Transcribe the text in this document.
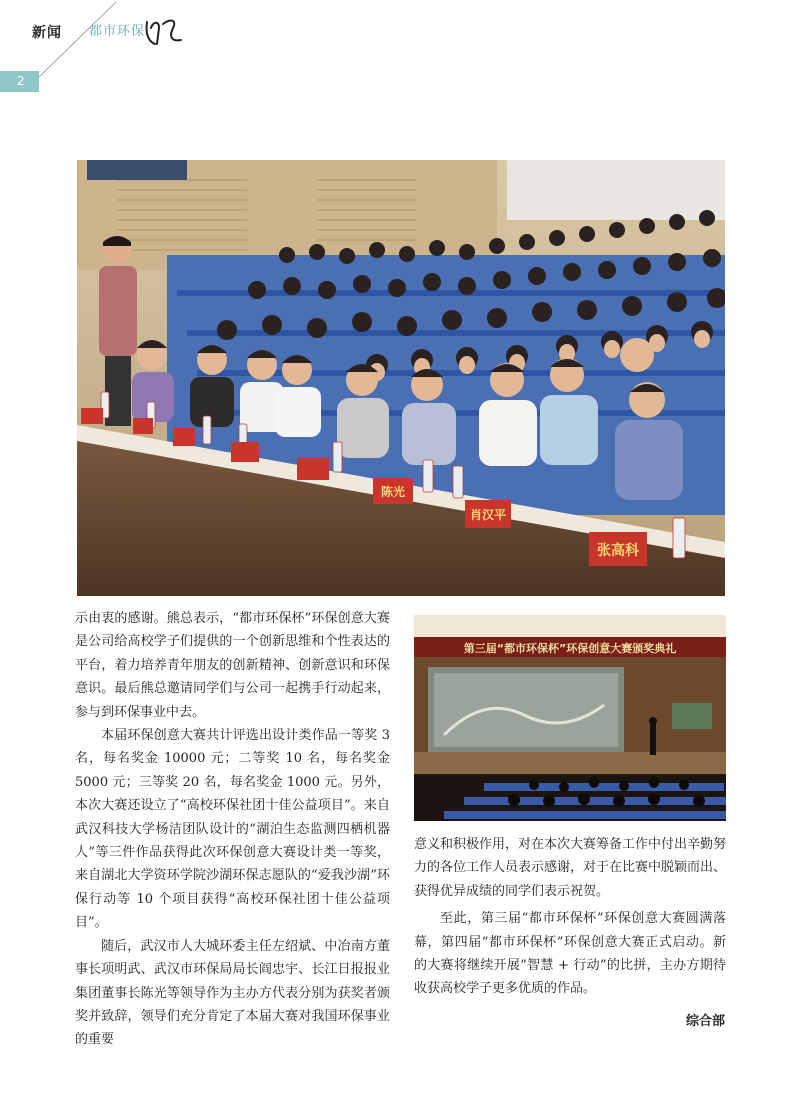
新闻 都市环保
2
陈光
肖汉平
张高科
第三届“都市环保杯”环保创意大赛颁奖典礼

示由衷的感谢。熊总表示，“都市环保杯”环保创意大赛是公司给高校学子们提供的一个创新思维和个性表达的平台，着力培养青年朋友的创新精神、创新意识和环保意识。最后熊总邀请同学们与公司一起携手行动起来，参与到环保事业中去。

本届环保创意大赛共计评选出设计类作品一等奖 3 名，每名奖金 10000 元；二等奖 10 名，每名奖金 5000 元；三等奖 20 名，每名奖金 1000 元。另外，本次大赛还设立了“高校环保社团十佳公益项目”。来自武汉科技大学杨洁团队设计的“湖泊生态监测四栖机器人”等三件作品获得此次环保创意大赛设计类一等奖，来自湖北大学资环学院沙湖环保志愿队的“爱我沙湖”环保行动等 10 个项目获得“高校环保社团十佳公益项目”。

随后，武汉市人大城环委主任左绍斌、中冶南方董事长项明武、武汉市环保局局长阎忠宇、长江日报报业集团董事长陈光等领导作为主办方代表分别为获奖者颁奖并致辞，领导们充分肯定了本届大赛对我国环保事业的重要

意义和积极作用，对在本次大赛筹备工作中付出辛勤努力的各位工作人员表示感谢，对于在比赛中脱颖而出、获得优异成绩的同学们表示祝贺。

至此，第三届“都市环保杯”环保创意大赛圆满落幕，第四届“都市环保杯”环保创意大赛正式启动。新的大赛将继续开展“智慧 + 行动”的比拼，主办方期待收获高校学子更多优质的作品。

综合部
